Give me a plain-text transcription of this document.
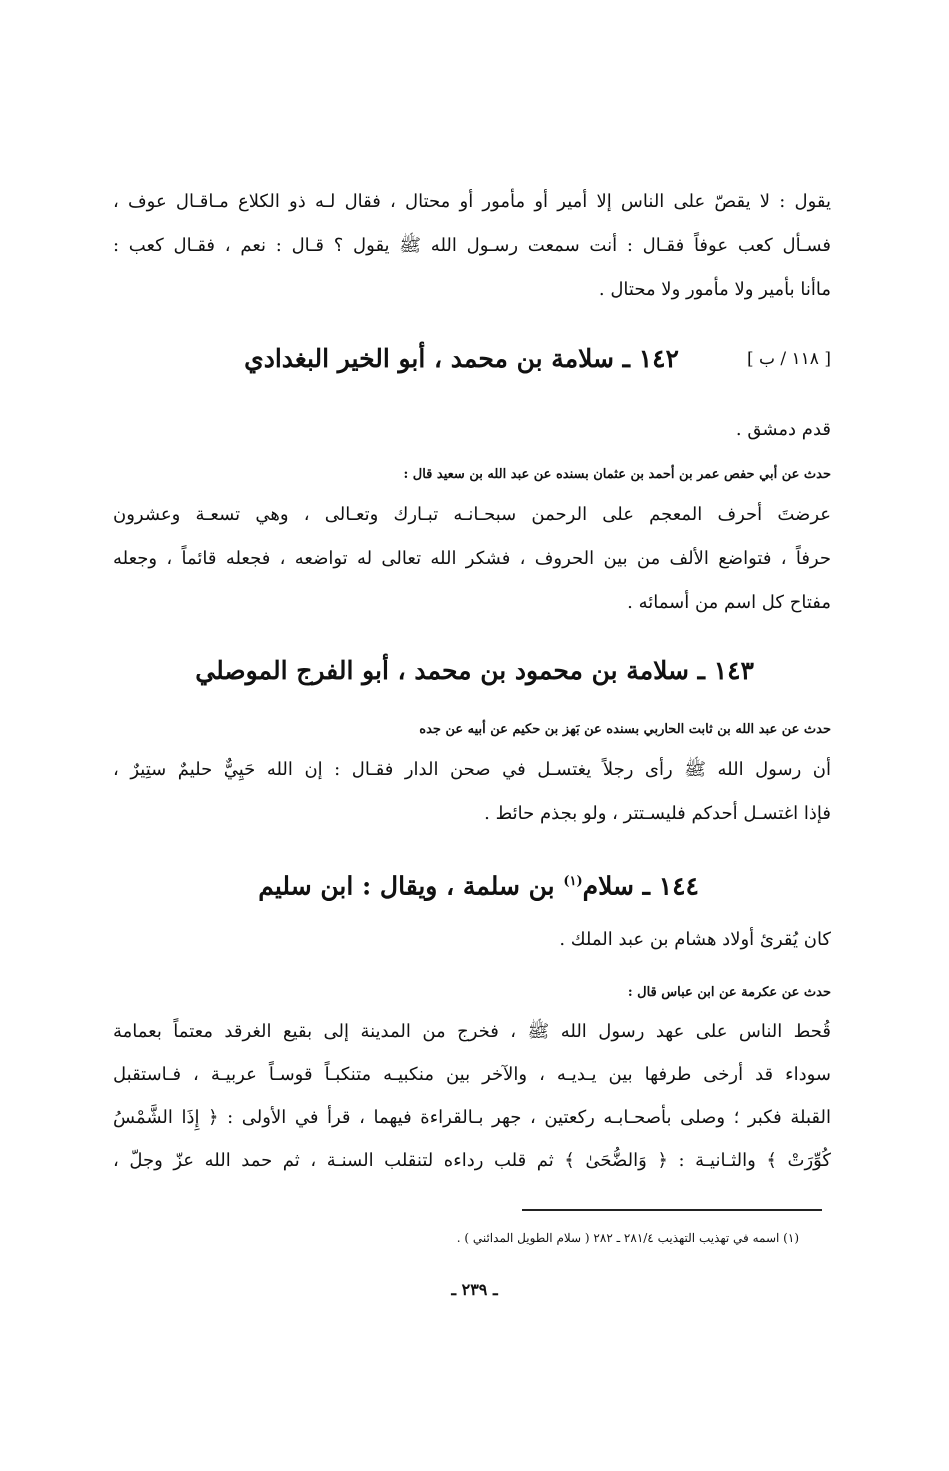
يقول : لا يقصّ على الناس إلا أمير أو مأمور أو محتال ، فقال لـه ذو الكلاع مـاقـال عوف ،
فسـأل كعب عوفاً فقـال : أنت سمعت رسـول الله ﷺ يقول ؟ قـال : نعم ، فقـال كعب :
ماأنا بأمير ولا مأمور ولا محتال .
[ ١١٨ / ب ]
١٤٢ ـ سلامة بن محمد ، أبو الخير البغدادي
قدم دمشق .
حدث عن أبي حفص عمر بن أحمد بن عثمان بسنده عن عبد الله بن سعيد قال :
عرضتَ أحرف المعجم على الرحمن سبحـانـه تبـارك وتعـالى ، وهي تسعـة وعشرون
حرفاً ، فتواضع الألف من بين الحروف ، فشكر الله تعالى له تواضعه ، فجعله قائماً ، وجعله
مفتاح كل اسم من أسمائه .
١٤٣ ـ سلامة بن محمود بن محمد ، أبو الفرج الموصلي
حدث عن عبد الله بن ثابت الحاربي بسنده عن بَهز بن حكيم عن أبيه عن جده
أن رسول الله ﷺ رأى رجلاً يغتسـل في صحن الدار فقـال : إن الله حَيِيٌّ حليمٌ ستِيرٌ ،
فإذا اغتسـل أحدكم فليسـتتر ، ولو بجذم حائط .
١٤٤ ـ سلام$^{(١)}$ بن سلمة ، ويقال : ابن سليم
كان يُقرئ أولاد هشام بن عبد الملك .
حدث عن عكرمة عن ابن عباس قال :
قُحط الناس على عهد رسول الله ﷺ ، فخرج من المدينة إلى بقيع الغرقد معتماً بعمامة
سوداء قد أرخى طرفها بين يـديـه ، والآخر بين منكبيـه متنكبـاً قوسـاً عربيـة ، فـاستقبل
القبلة فكبر ؛ وصلى بأصحـابـه ركعتين ، جهر بـالقراءة فيهما ، قرأ في الأولى : ﴿ إِذَا الشَّمْسُ
كُوِّرَتْ ﴾ والثـانيـة : ﴿ وَالضُّحَىٰ ﴾ ثم قلب رداءه لتنقلب السنـة ، ثم حمد الله عزّ وجلّ ،
(١) اسمه في تهذيب التهذيب ٢٨١/٤ ـ ٢٨٢ ( سلام الطويل المدائني ) .
ـ ٢٣٩ ـ
